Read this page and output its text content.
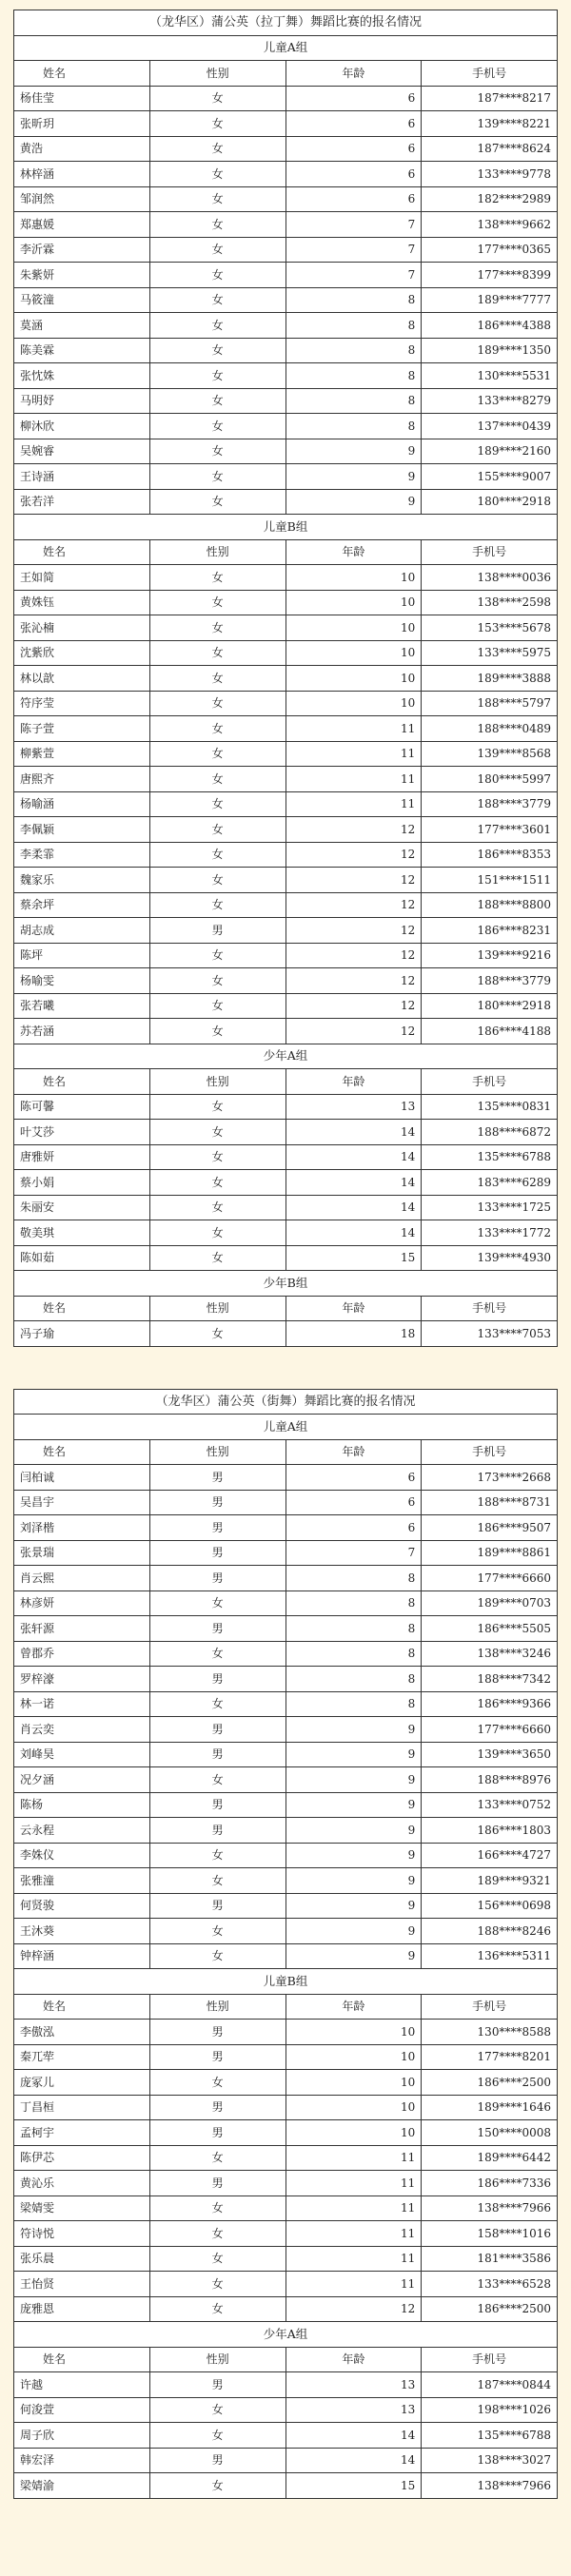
（龙华区）蒲公英（拉丁舞）舞蹈比赛的报名情况			
儿童A组			
姓名	性别	年龄	手机号
杨佳莹	女	6	187****8217
张昕玥	女	6	139****8221
黄浩	女	6	187****8624
林梓涵	女	6	133****9778
邹润然	女	6	182****2989
郑惠媛	女	7	138****9662
李沂霖	女	7	177****0365
朱紫妍	女	7	177****8399
马筱潼	女	8	189****7777
莫涵	女	8	186****4388
陈美霖	女	8	189****1350
张忱姝	女	8	130****5531
马明妤	女	8	133****8279
柳沐欣	女	8	137****0439
吴婉睿	女	9	189****2160
王诗涵	女	9	155****9007
张若洋	女	9	180****2918
儿童B组			
姓名	性别	年龄	手机号
王如简	女	10	138****0036
黄姝钰	女	10	138****2598
张沁楠	女	10	153****5678
沈紫欣	女	10	133****5975
林以歆	女	10	189****3888
符序莹	女	10	188****5797
陈子萱	女	11	188****0489
柳紫萱	女	11	139****8568
唐熙齐	女	11	180****5997
杨喻涵	女	11	188****3779
李佩颖	女	12	177****3601
李柔霏	女	12	186****8353
魏家乐	女	12	151****1511
蔡余坪	女	12	188****8800
胡志成	男	12	186****8231
陈坪	女	12	139****9216
杨喻雯	女	12	188****3779
张若曦	女	12	180****2918
苏若涵	女	12	186****4188
少年A组			
姓名	性别	年龄	手机号
陈可馨	女	13	135****0831
叶艾莎	女	14	188****6872
唐雅妍	女	14	135****6788
蔡小娟	女	14	183****6289
朱丽安	女	14	133****1725
敬美琪	女	14	133****1772
陈如茹	女	15	139****4930
少年B组			
姓名	性别	年龄	手机号
冯子瑜	女	18	133****7053
（龙华区）蒲公英（街舞）舞蹈比赛的报名情况			
儿童A组			
姓名	性别	年龄	手机号
闫柏诚	男	6	173****2668
吴昌宇	男	6	188****8731
刘泽楷	男	6	186****9507
张景瑞	男	7	189****8861
肖云熙	男	8	177****6660
林彦妍	女	8	189****0703
张轩源	男	8	186****5505
曾郡乔	女	8	138****3246
罗梓濠	男	8	188****7342
林一诺	女	8	186****9366
肖云奕	男	9	177****6660
刘峰昊	男	9	139****3650
况夕涵	女	9	188****8976
陈杨	男	9	133****0752
云永程	男	9	186****1803
李姝仪	女	9	166****4727
张雅潼	女	9	189****9321
何贤骏	男	9	156****0698
王沐葵	女	9	188****8246
钟梓涵	女	9	136****5311
儿童B组			
姓名	性别	年龄	手机号
李傲泓	男	10	130****8588
秦兀荦	男	10	177****8201
庞冢儿	女	10	186****2500
丁昌桓	男	10	189****1646
孟柯宇	男	10	150****0008
陈伊芯	女	11	189****6442
黄沁乐	男	11	186****7336
梁婧雯	女	11	138****7966
符诗悦	女	11	158****1016
张乐晨	女	11	181****3586
王怡贤	女	11	133****6528
庞雅恩	女	12	186****2500
少年A组			
姓名	性别	年龄	手机号
许越	男	13	187****0844
何浚萱	女	13	198****1026
周子欣	女	14	135****6788
韩宏泽	男	14	138****3027
梁婧渝	女	15	138****7966
